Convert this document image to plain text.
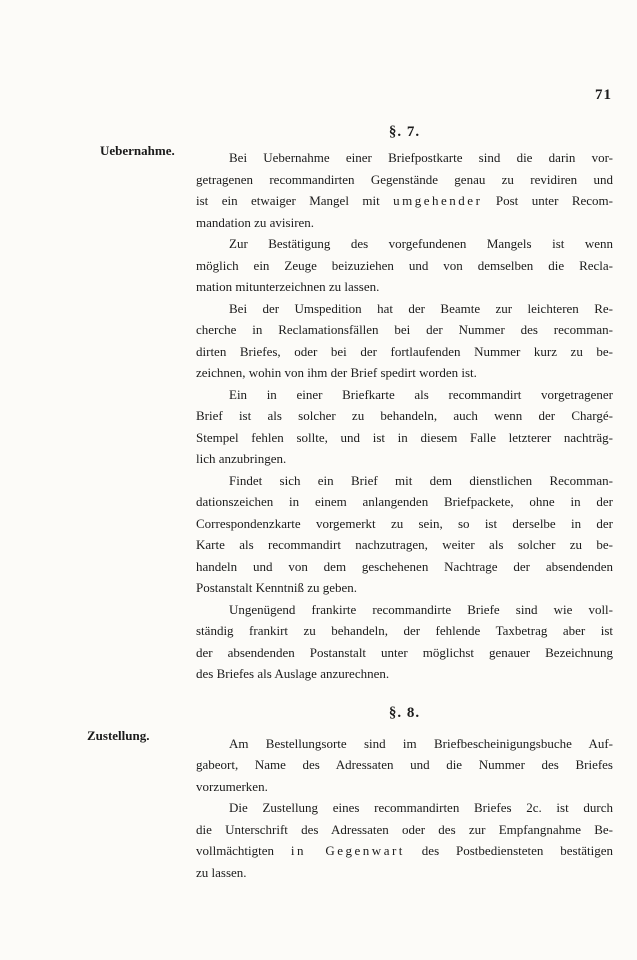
71
Uebernahme.
Zustellung.
§. 7.
Bei Uebernahme einer Briefpostkarte sind die darin vor-
getragenen recommandirten Gegenstände genau zu revidiren und
ist ein etwaiger Mangel mit umgehender Post unter Recom-
mandation zu avisiren.
Zur Bestätigung des vorgefundenen Mangels ist wenn
möglich ein Zeuge beizuziehen und von demselben die Recla-
mation mitunterzeichnen zu lassen.
Bei der Umspedition hat der Beamte zur leichteren Re-
cherche in Reclamationsfällen bei der Nummer des recomman-
dirten Briefes, oder bei der fortlaufenden Nummer kurz zu be-
zeichnen, wohin von ihm der Brief spedirt worden ist.
Ein in einer Briefkarte als recommandirt vorgetragener
Brief ist als solcher zu behandeln, auch wenn der Chargé-
Stempel fehlen sollte, und ist in diesem Falle letzterer nachträg-
lich anzubringen.
Findet sich ein Brief mit dem dienstlichen Recomman-
dationszeichen in einem anlangenden Briefpackete, ohne in der
Correspondenzkarte vorgemerkt zu sein, so ist derselbe in der
Karte als recommandirt nachzutragen, weiter als solcher zu be-
handeln und von dem geschehenen Nachtrage der absendenden
Postanstalt Kenntniß zu geben.
Ungenügend frankirte recommandirte Briefe sind wie voll-
ständig frankirt zu behandeln, der fehlende Taxbetrag aber ist
der absendenden Postanstalt unter möglichst genauer Bezeichnung
des Briefes als Auslage anzurechnen.
§. 8.
Am Bestellungsorte sind im Briefbescheinigungsbuche Auf-
gabeort, Name des Adressaten und die Nummer des Briefes
vorzumerken.
Die Zustellung eines recommandirten Briefes 2c. ist durch
die Unterschrift des Adressaten oder des zur Empfangnahme Be-
vollmächtigten in Gegenwart des Postbediensteten bestätigen
zu lassen.
